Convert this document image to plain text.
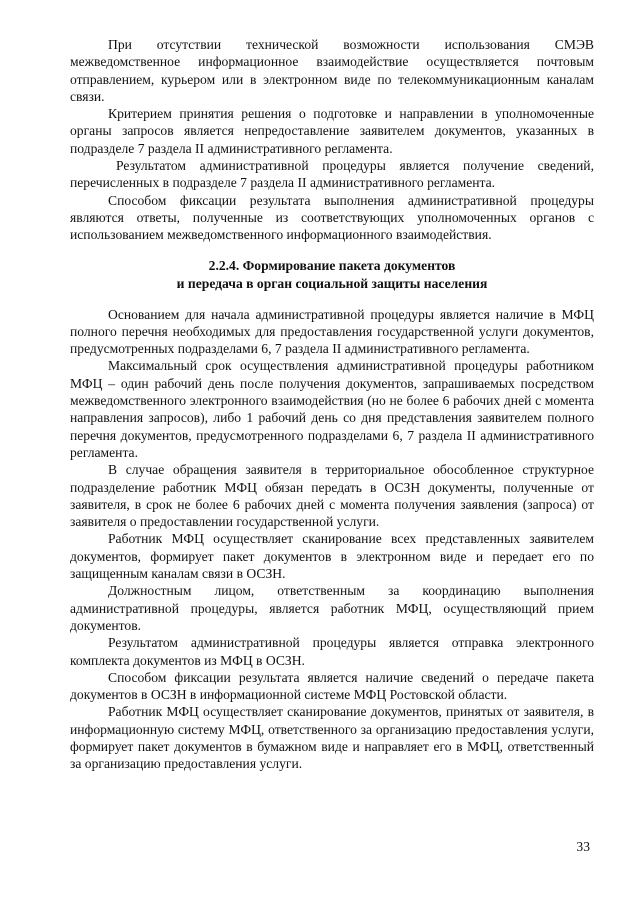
При отсутствии технической возможности использования СМЭВ межведомственное информационное взаимодействие осуществляется почтовым отправлением, курьером или в электронном виде по телекоммуникационным каналам связи.

Критерием принятия решения о подготовке и направлении в уполномоченные органы запросов является непредоставление заявителем документов, указанных в подразделе 7 раздела II административного регламента.

Результатом административной процедуры является получение сведений, перечисленных в подразделе 7 раздела II административного регламента.

Способом фиксации результата выполнения административной процедуры являются ответы, полученные из соответствующих уполномоченных органов с использованием межведомственного информационного взаимодействия.

2.2.4. Формирование пакета документов
и передача в орган социальной защиты населения

Основанием для начала административной процедуры является наличие в МФЦ полного перечня необходимых для предоставления государственной услуги документов, предусмотренных подразделами 6, 7 раздела II административного регламента.

Максимальный срок осуществления административной процедуры работником МФЦ – один рабочий день после получения документов, запрашиваемых посредством межведомственного электронного взаимодействия (но не более 6 рабочих дней с момента направления запросов), либо 1 рабочий день со дня представления заявителем полного перечня документов, предусмотренного подразделами 6, 7 раздела II административного регламента.

В случае обращения заявителя в территориальное обособленное структурное подразделение работник МФЦ обязан передать в ОСЗН документы, полученные от заявителя, в срок не более 6 рабочих дней с момента получения заявления (запроса) от заявителя о предоставлении государственной услуги.

Работник МФЦ осуществляет сканирование всех представленных заявителем документов, формирует пакет документов в электронном виде и передает его по защищенным каналам связи в ОСЗН.

Должностным лицом, ответственным за координацию выполнения административной процедуры, является работник МФЦ, осуществляющий прием документов.

Результатом административной процедуры является отправка электронного комплекта документов из МФЦ в ОСЗН.

Способом фиксации результата является наличие сведений о передаче пакета документов в ОСЗН в информационной системе МФЦ Ростовской области.

Работник МФЦ осуществляет сканирование документов, принятых от заявителя, в информационную систему МФЦ, ответственного за организацию предоставления услуги, формирует пакет документов в бумажном виде и направляет его в МФЦ, ответственный за организацию предоставления услуги.

33
